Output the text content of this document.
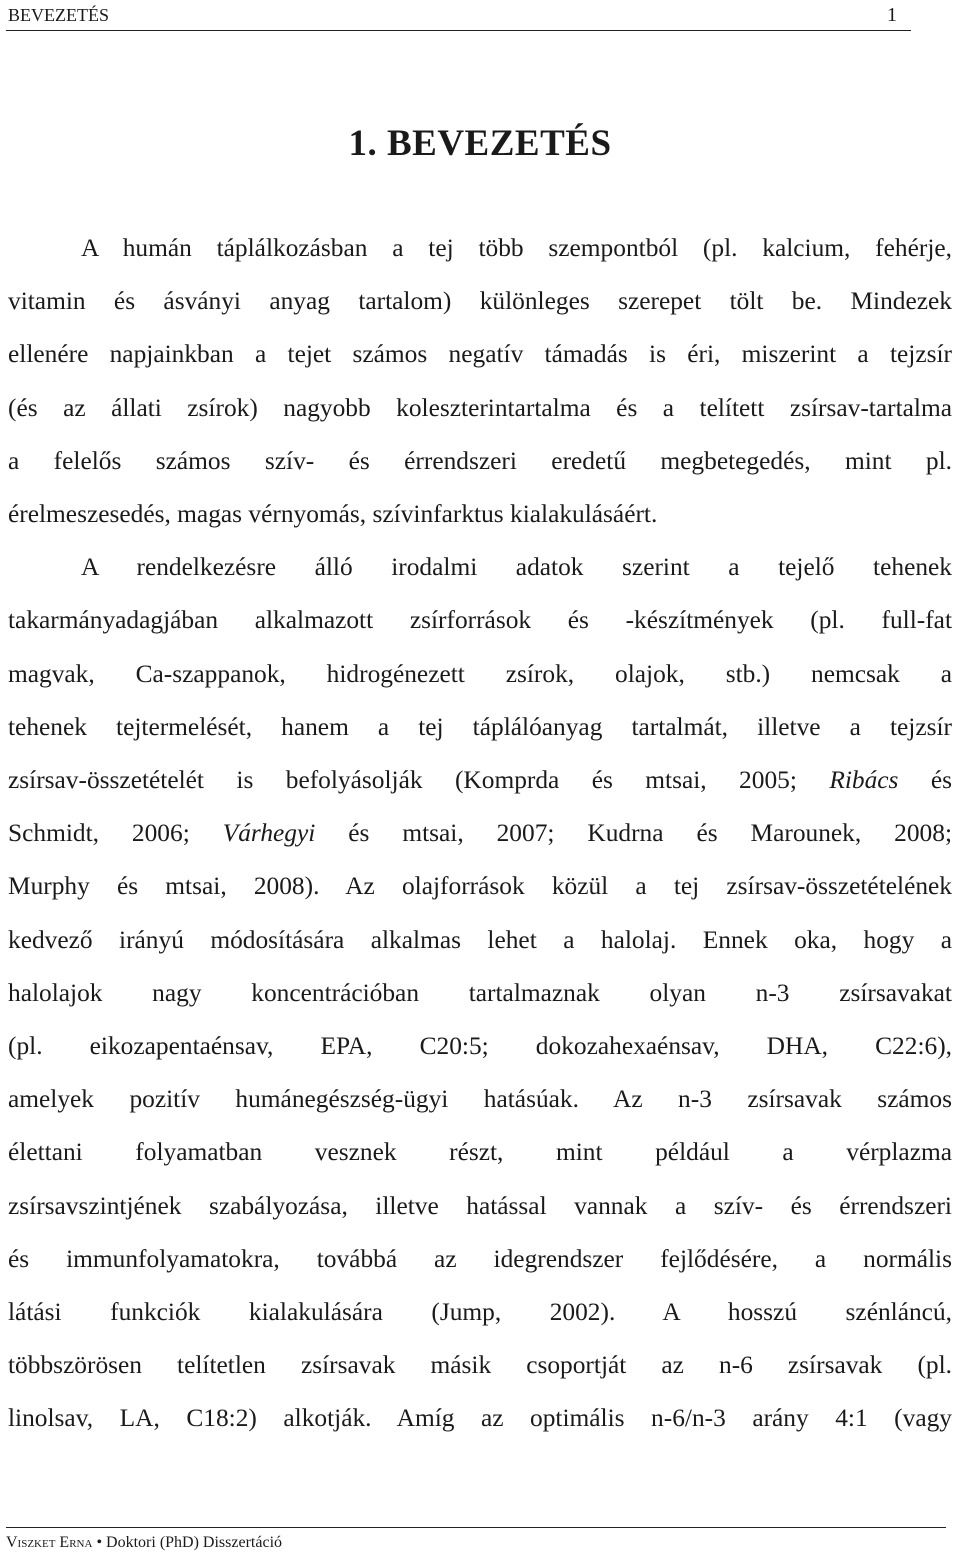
BEVEZETÉS	1
1. BEVEZETÉS

A humán táplálkozásban a tej több szempontból (pl. kalcium, fehérje,

vitamin és ásványi anyag tartalom) különleges szerepet tölt be. Mindezek

ellenére napjainkban a tejet számos negatív támadás is éri, miszerint a tejzsír

(és az állati zsírok) nagyobb koleszterintartalma és a telített zsírsav-tartalma

a felelős számos szív- és érrendszeri eredetű megbetegedés, mint pl.

érelmeszesedés, magas vérnyomás, szívinfarktus kialakulásáért.

A rendelkezésre álló irodalmi adatok szerint a tejelő tehenek

takarmányadagjában alkalmazott zsírforrások és -készítmények (pl. full-fat

magvak, Ca-szappanok, hidrogénezett zsírok, olajok, stb.) nemcsak a

tehenek tejtermelését, hanem a tej táplálóanyag tartalmát, illetve a tejzsír

zsírsav-összetételét is befolyásolják (Komprda és mtsai, 2005; Ribács és

Schmidt, 2006; Várhegyi és mtsai, 2007; Kudrna és Marounek, 2008;

Murphy és mtsai, 2008). Az olajforrások közül a tej zsírsav-összetételének

kedvező irányú módosítására alkalmas lehet a halolaj. Ennek oka, hogy a

halolajok nagy koncentrációban tartalmaznak olyan n-3 zsírsavakat

(pl. eikozapentaénsav, EPA, C20:5; dokozahexaénsav, DHA, C22:6),

amelyek pozitív humánegészség-ügyi hatásúak. Az n-3 zsírsavak számos

élettani folyamatban vesznek részt, mint például a vérplazma

zsírsavszintjének szabályozása, illetve hatással vannak a szív- és érrendszeri

és immunfolyamatokra, továbbá az idegrendszer fejlődésére, a normális

látási funkciók kialakulására (Jump, 2002). A hosszú szénláncú,

többszörösen telítetlen zsírsavak másik csoportját az n-6 zsírsavak (pl.

linolsav, LA, C18:2) alkotják. Amíg az optimális n-6/n-3 arány 4:1 (vagy

Viszket Erna • Doktori (PhD) Disszertáció
